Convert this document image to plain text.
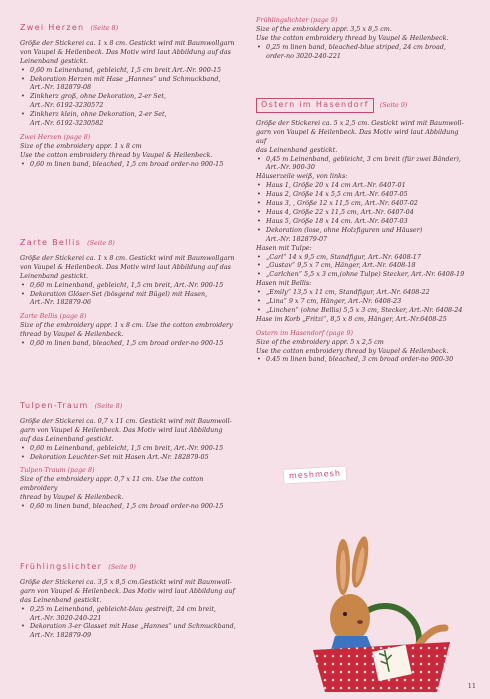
Zwei Herzen (Seite 8)

Größe der Stickerei ca. 1 x 8 cm. Gestickt wird mit Baumwollgarn

von Vaupel & Heilenbeck. Das Motiv wird laut Abbildung auf das

Leinenband gestickt.

• 0,60 m Leinenband, gebleicht, 1,5 cm breit Art.-Nr. 900-15
• Dekoration Herzen mit Hase „Hannes“ und Schmuckband,
Art.-Nr. 182879-08
• Zinkherz groß, ohne Dekoration, 2-er Set,
Art.-Nr. 6192-3230572
• Zinkherz klein, ohne Dekoration, 2-er Set,
Art.-Nr. 6192-3230582

Zwei Herzen (page 8)

Size of the embroidery appr. 1 x 8 cm

Use the cotton embroidery thread by Vaupel & Heilenbeck.

• 0,60 m linen band, bleached, 1,5 cm broad order-no 900-15
Zarte Bellis (Seite 8)

Größe der Stickerei ca. 1 x 8 cm. Gestickt wird mit Baumwollgarn

von Vaupel & Heilenbeck. Das Motiv wird laut Abbildung auf das

Leinenband gestickt.

• 0,60 m Leinenband, gebleicht, 1,5 cm breit, Art.-Nr. 900-15
• Dekoration Glöser-Set (bösgend mit Bügel) mit Hasen,
Art.-Nr. 182879-06

Zarte Bellis (page 8)

Size of the embroidery appr. 1 x 8 cm. Use the cotton embroidery

thread by Vaupel & Heilenbeck.

• 0,60 m linen band, bleached, 1,5 cm broad order-no 900-15
Tulpen-Traum (Seite 8)

Größe der Stickerei ca. 0,7 x 11 cm. Gestickt wird mit Baumwoll-

garn von Vaupel & Heilenbeck. Das Motiv wird laut Abbildung

auf das Leinenband gestickt.

• 0,60 m Leinenband, gebleicht, 1,5 cm breit, Art.-Nr. 900-15
• Dekoration Leuchter-Set mit Hasen Art.-Nr. 182879-05

Tulpen-Traum (page 8)

Size of the embroidery appr. 0,7 x 11 cm. Use the cotton embroidery

thread by Vaupel & Heilenbeck.

• 0,60 m linen band, bleached, 1,5 cm broad order-no 900-15
Frühlingslichter (Seite 9)

Größe der Stickerei ca. 3,5 x 8,5 cm.Gestickt wird mit Baumwoll-

garn von Vaupel & Heilenbeck. Das Motiv wird laut Abbildung auf

das Leinenband gestickt.

• 0,25 m Leinenband, gebleicht-blau gestreift, 24 cm breit,
Art.-Nr. 3020-240-221
• Dekoration 3-er Glasset mit Hase „Hannes“ und Schmuckband,
Art.-Nr. 182879-09

Frühlingslichter (page 9)

Size of the embroidery appr. 3,5 x 8,5 cm.

Use the cotton embroidery thread by Vaupel & Heilenbeck.

• 0,25 m linen band, bleached-blue striped, 24 cm broad,
order-no 3020-240-221
Ostern im Hasendorf (Seite 9)

Größe der Stickerei ca. 5 x 2,5 cm. Gestickt wird mit Baumwoll-

garn von Vaupel & Heilenbeck. Das Motiv wird laut Abbildung auf

das Leinenband gestickt.

• 0,45 m Leinenband, gebleicht, 3 cm breit (für zwei Bänder),
Art.-Nr. 900-30

Häuserzeile weiß, von links:

• Haus 1, Größe 20 x 14 cm Art.-Nr. 6407-01
• Haus 2, Größe 14 x 5,5 cm Art.-Nr. 6407-05
• Haus 3, , Größe 12 x 11,5 cm, Art.-Nr. 6407-02
• Haus 4, Größe 22 x 11,5 cm, Art.-Nr. 6407-04
• Haus 5, Größe 18 x 14 cm. Art.-Nr. 6407-03
• Dekoration (lose, ohne Holzfiguren und Häuser)
Art.-Nr. 182879-07

Hasen mit Tulpe:

• „Carl“ 14 x 9,5 cm, Standfigur, Art.-Nr. 6408-17
• „Gustav“ 9,5 x 7 cm, Hänger, Art.-Nr. 6408-18
• „Carlchen“ 5,5 x 3 cm,(ohne Tulpe) Stecker, Art.-Nr. 6408-19

Hasen mit Bellis:

• „Emily“ 13,5 x 11 cm, Standfigur, Art.-Nr. 6408-22
• „Lina“ 9 x 7 cm, Hänger, Art.-Nr. 6408-23
• „Linchen“ (ohne Bellis) 5,5 x 3 cm, Stecker, Art.-Nr. 6408-24

Hase im Korb „Fritzi“, 8,5 x 8 cm, Hänger, Art.-Nr.6408-25

Ostern im Hasendorf (page 9)

Size of the embroidery appr. 5 x 2,5 cm

Use the cotton embroidery thread by Vaupel & Heilenbeck.

• 0.45 m linen band, bleached, 3 cm broad order-no 900-30
meshmesh
11
